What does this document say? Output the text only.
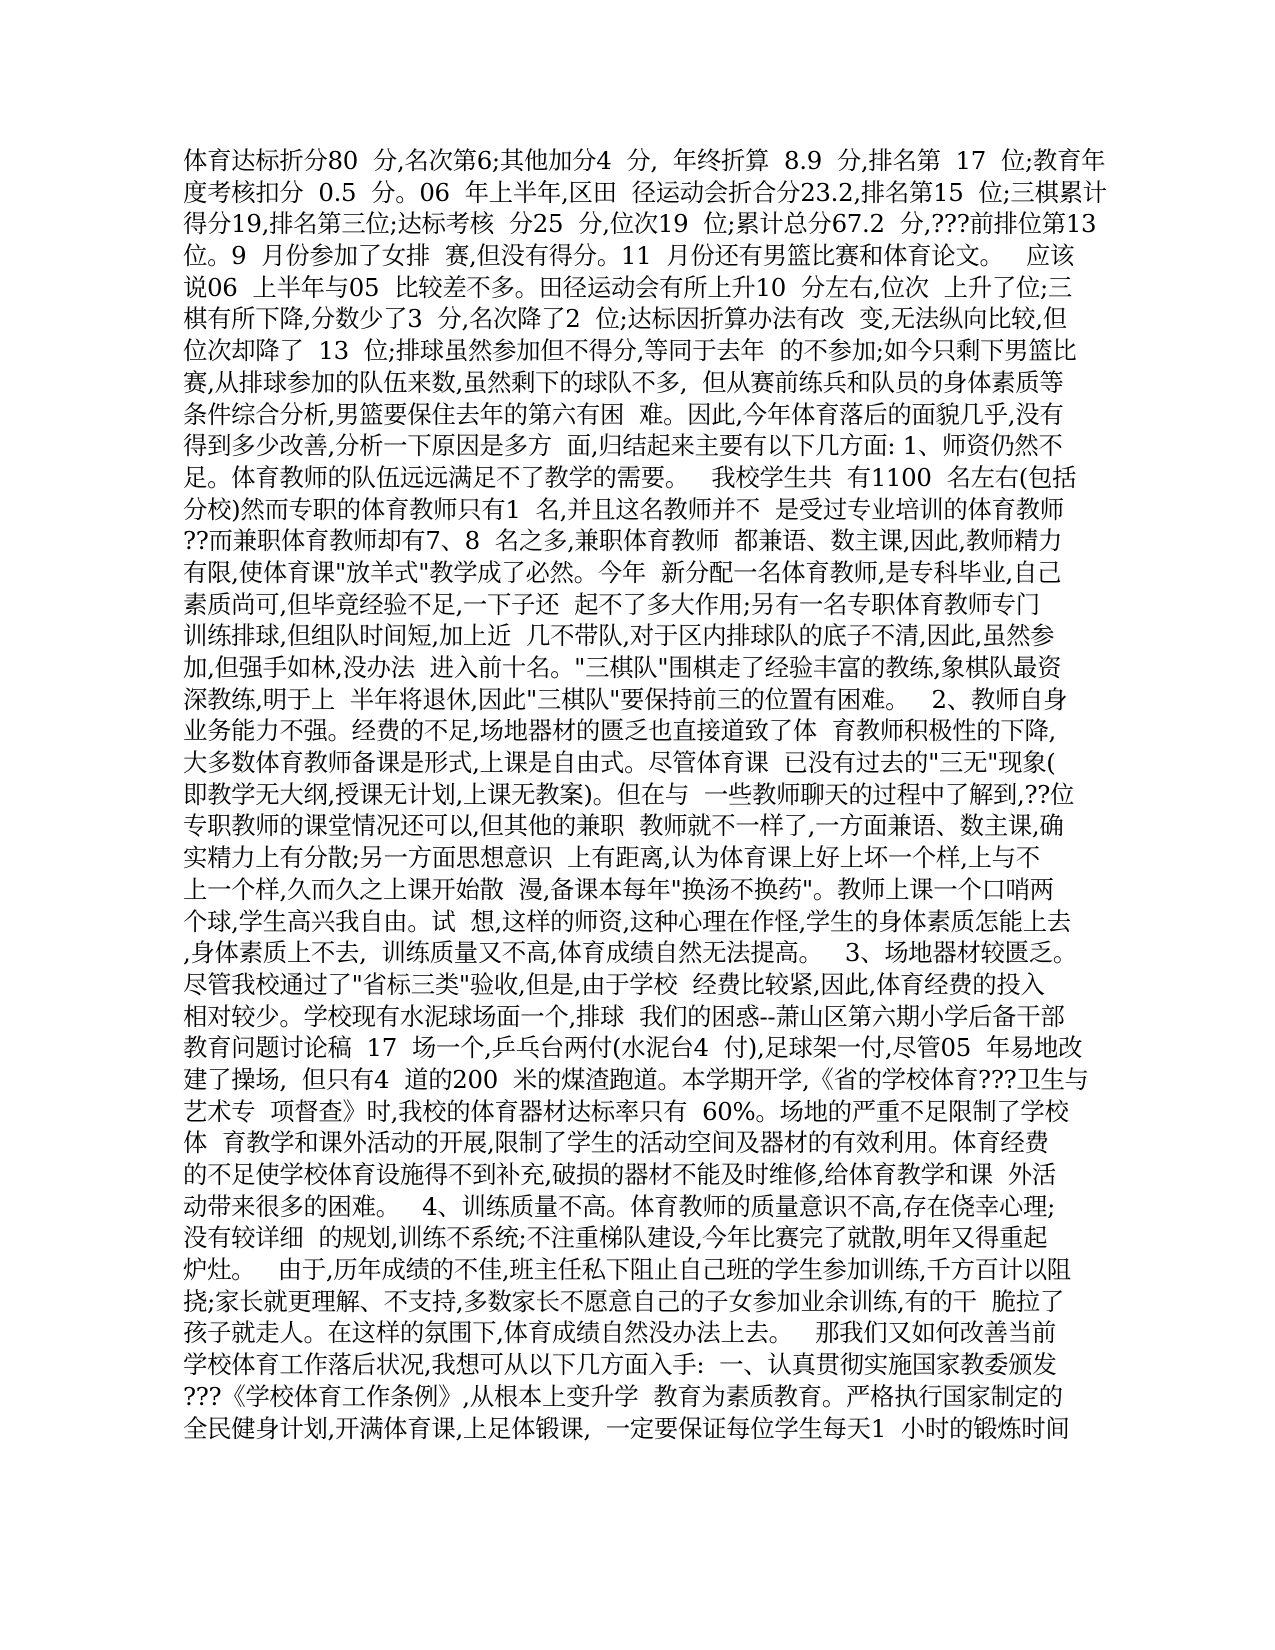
体育达标折分80  分,名次第6;其他加分4  分,  年终折算  8.9  分,排名第  17  位;教育年
度考核扣分  0.5  分。06  年上半年,区田  径运动会折合分23.2,排名第15  位;三棋累计
得分19,排名第三位;达标考核  分25  分,位次19  位;累计总分67.2  分,???前排位第13
位。9  月份参加了女排  赛,但没有得分。11  月份还有男篮比赛和体育论文。   应该
说06  上半年与05  比较差不多。田径运动会有所上升10  分左右,位次  上升了位;三
棋有所下降,分数少了3  分,名次降了2  位;达标因折算办法有改  变,无法纵向比较,但
位次却降了  13  位;排球虽然参加但不得分,等同于去年  的不参加;如今只剩下男篮比
赛,从排球参加的队伍来数,虽然剩下的球队不多,  但从赛前练兵和队员的身体素质等
条件综合分析,男篮要保住去年的第六有困  难。因此,今年体育落后的面貌几乎,没有
得到多少改善,分析一下原因是多方  面,归结起来主要有以下几方面: 1、师资仍然不
足。体育教师的队伍远远满足不了教学的需要。   我校学生共  有1100  名左右(包括
分校)然而专职的体育教师只有1  名,并且这名教师并不  是受过专业培训的体育教师
??而兼职体育教师却有7、8  名之多,兼职体育教师  都兼语、数主课,因此,教师精力
有限,使体育课"放羊式"教学成了必然。今年  新分配一名体育教师,是专科毕业,自己
素质尚可,但毕竟经验不足,一下子还  起不了多大作用;另有一名专职体育教师专门
训练排球,但组队时间短,加上近  几不带队,对于区内排球队的底子不清,因此,虽然参
加,但强手如林,没办法  进入前十名。"三棋队"围棋走了经验丰富的教练,象棋队最资
深教练,明于上  半年将退休,因此"三棋队"要保持前三的位置有困难。   2、教师自身
业务能力不强。经费的不足,场地器材的匮乏也直接道致了体  育教师积极性的下降,
大多数体育教师备课是形式,上课是自由式。尽管体育课  已没有过去的"三无"现象(
即教学无大纲,授课无计划,上课无教案)。但在与  一些教师聊天的过程中了解到,??位
专职教师的课堂情况还可以,但其他的兼职  教师就不一样了,一方面兼语、数主课,确
实精力上有分散;另一方面思想意识  上有距离,认为体育课上好上坏一个样,上与不
上一个样,久而久之上课开始散  漫,备课本每年"换汤不换药"。教师上课一个口哨两
个球,学生高兴我自由。试  想,这样的师资,这种心理在作怪,学生的身体素质怎能上去
,身体素质上不去,  训练质量又不高,体育成绩自然无法提高。   3、场地器材较匮乏。
尽管我校通过了"省标三类"验收,但是,由于学校  经费比较紧,因此,体育经费的投入
相对较少。学校现有水泥球场面一个,排球  我们的困惑--萧山区第六期小学后备干部
教育问题讨论稿  17  场一个,乒乓台两付(水泥台4  付),足球架一付,尽管05  年易地改
建了操场,  但只有4  道的200  米的煤渣跑道。本学期开学,《省的学校体育???卫生与
艺术专  项督查》时,我校的体育器材达标率只有  60%。场地的严重不足限制了学校
体  育教学和课外活动的开展,限制了学生的活动空间及器材的有效利用。体育经费
的不足使学校体育设施得不到补充,破损的器材不能及时维修,给体育教学和课  外活
动带来很多的困难。   4、训练质量不高。体育教师的质量意识不高,存在侥幸心理;
没有较详细  的规划,训练不系统;不注重梯队建设,今年比赛完了就散,明年又得重起
炉灶。   由于,历年成绩的不佳,班主任私下阻止自己班的学生参加训练,千方百计以阻
挠;家长就更理解、不支持,多数家长不愿意自己的子女参加业余训练,有的干  脆拉了
孩子就走人。在这样的氛围下,体育成绩自然没办法上去。   那我们又如何改善当前
学校体育工作落后状况,我想可从以下几方面入手:  一、认真贯彻实施国家教委颁发
???《学校体育工作条例》,从根本上变升学  教育为素质教育。严格执行国家制定的
全民健身计划,开满体育课,上足体锻课,  一定要保证每位学生每天1  小时的锻炼时间
